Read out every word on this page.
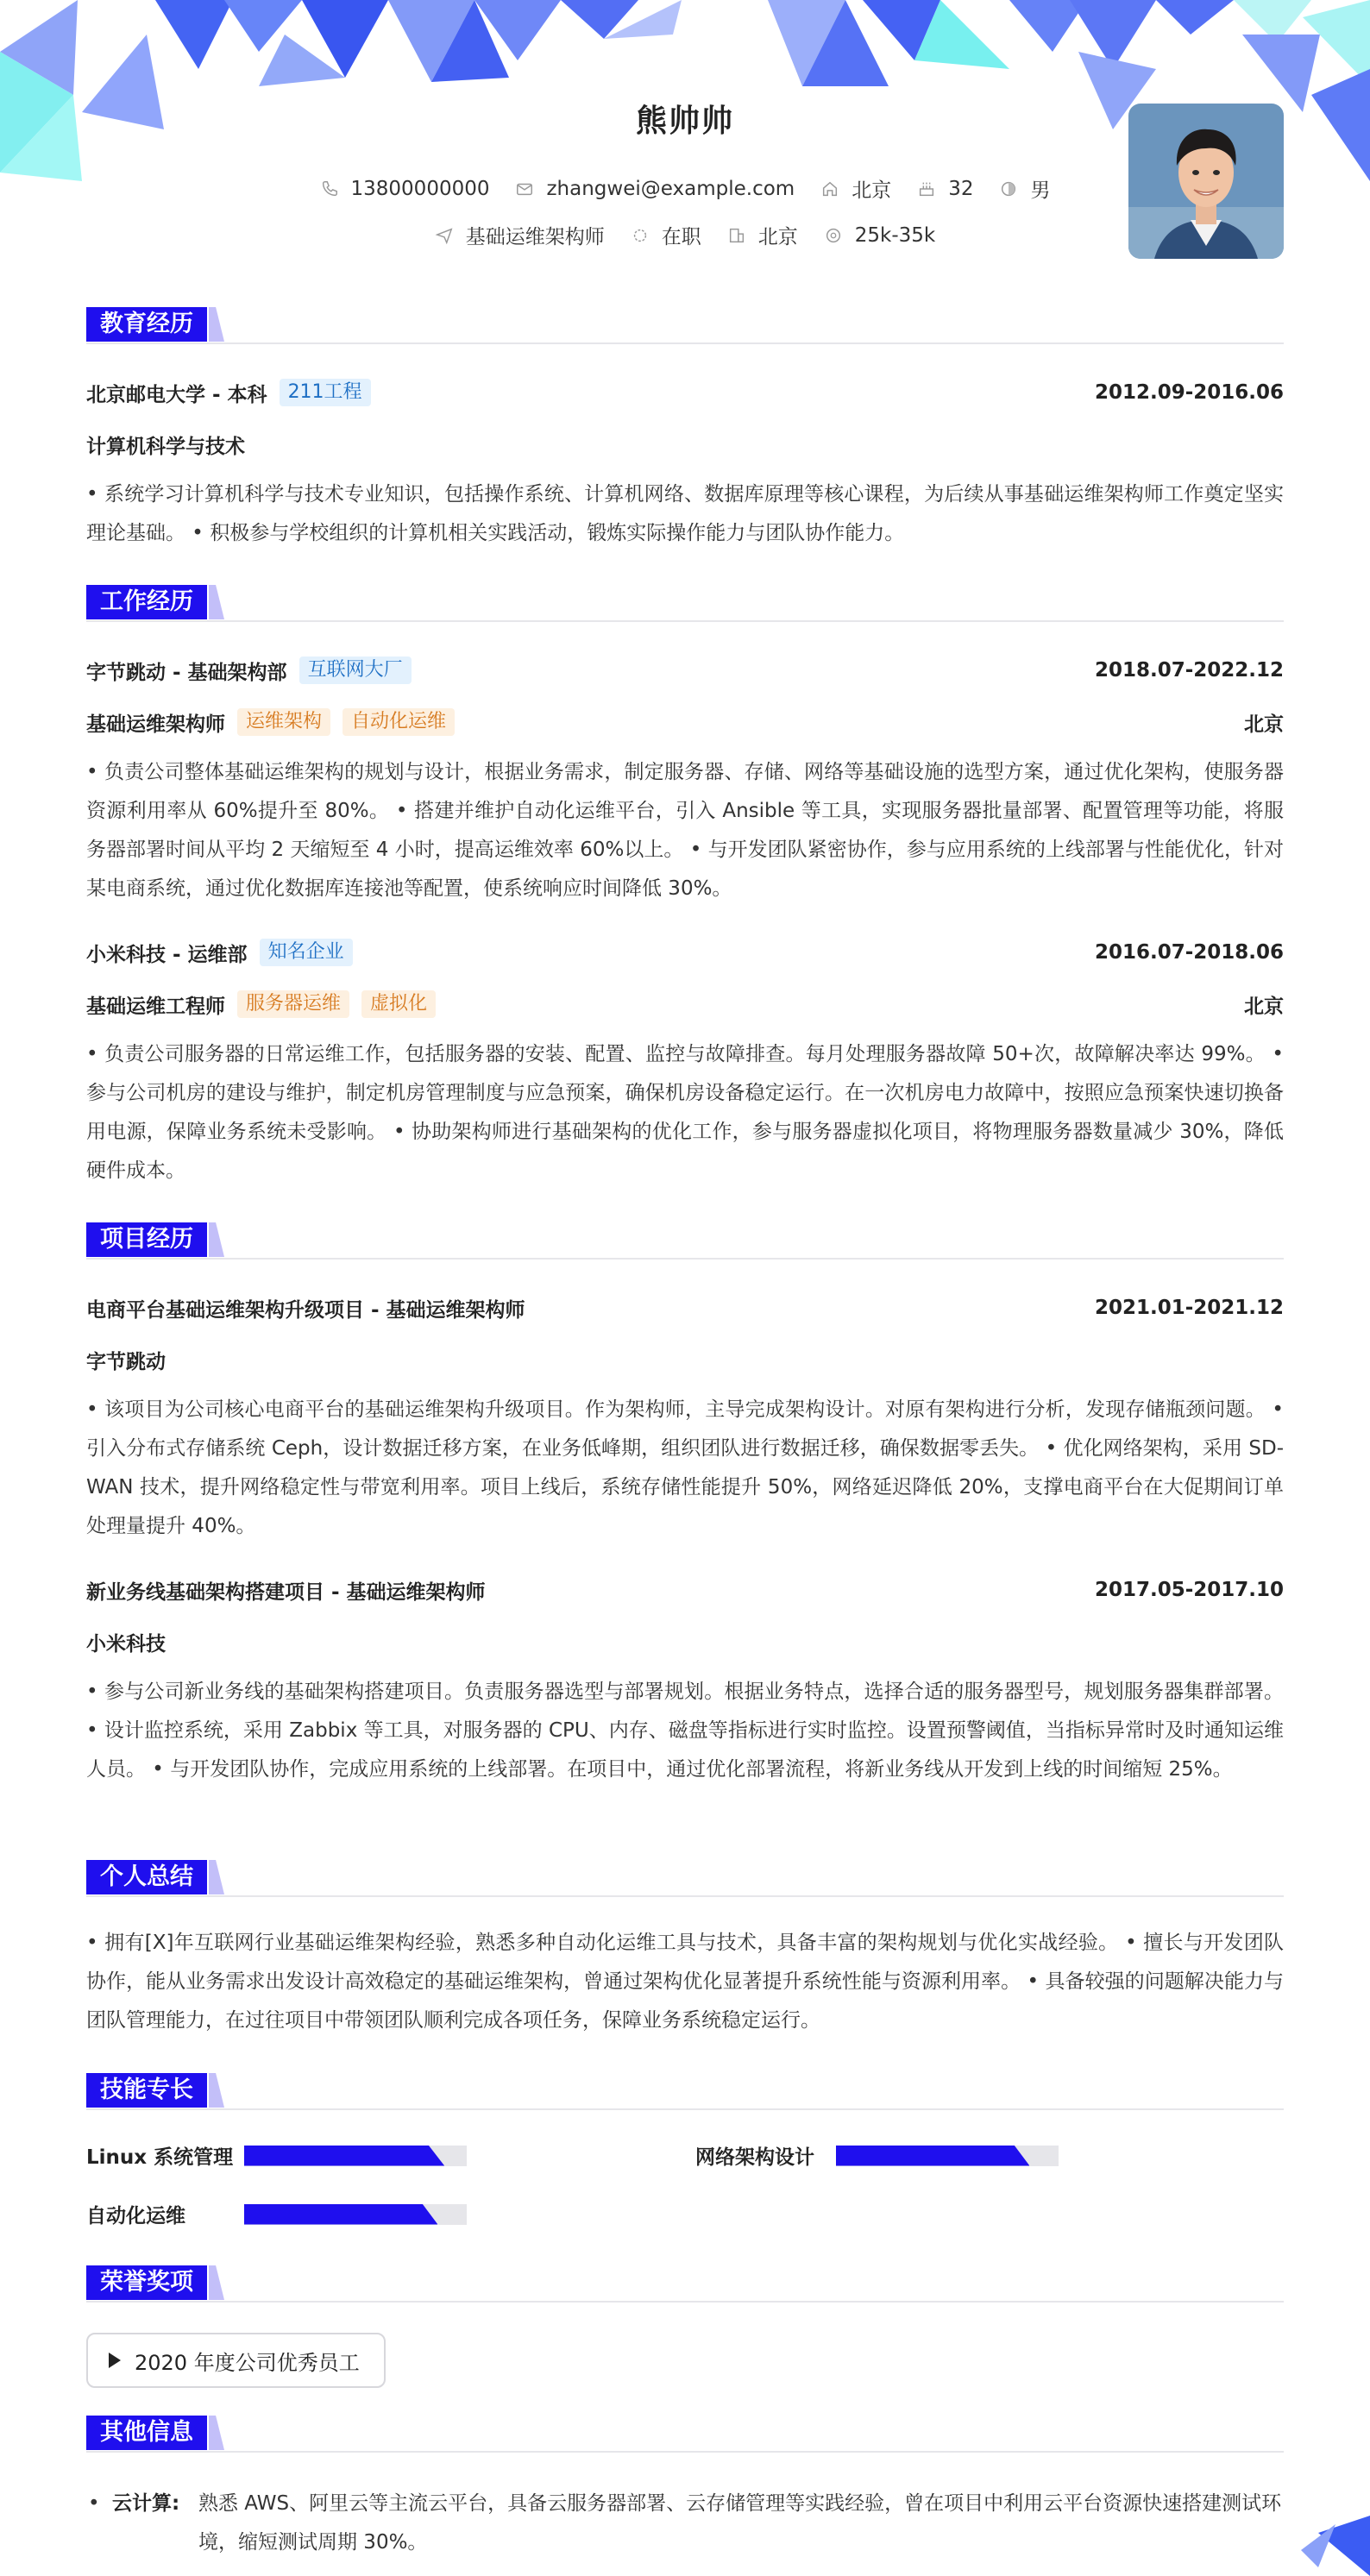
熊帅帅
13800000000	zhangwei@example.com	北京	32	男
基础运维架构师	在职	北京	25k-35k
教育经历
北京邮电大学 - 本科	211工程	2012.09-2016.06
计算机科学与技术
• 系统学习计算机科学与技术专业知识，包括操作系统、计算机网络、数据库原理等核心课程，为后续从事基础运维架构师工作奠定坚实理论基础。 • 积极参与学校组织的计算机相关实践活动，锻炼实际操作能力与团队协作能力。
工作经历
字节跳动 - 基础架构部	互联网大厂	2018.07-2022.12
基础运维架构师	运维架构	自动化运维	北京
• 负责公司整体基础运维架构的规划与设计，根据业务需求，制定服务器、存储、网络等基础设施的选型方案，通过优化架构，使服务器资源利用率从 60%提升至 80%。 • 搭建并维护自动化运维平台，引入 Ansible 等工具，实现服务器批量部署、配置管理等功能，将服务器部署时间从平均 2 天缩短至 4 小时，提高运维效率 60%以上。 • 与开发团队紧密协作，参与应用系统的上线部署与性能优化，针对某电商系统，通过优化数据库连接池等配置，使系统响应时间降低 30%。
小米科技 - 运维部	知名企业	2016.07-2018.06
基础运维工程师	服务器运维	虚拟化	北京
• 负责公司服务器的日常运维工作，包括服务器的安装、配置、监控与故障排查。每月处理服务器故障 50+次，故障解决率达 99%。 • 参与公司机房的建设与维护，制定机房管理制度与应急预案，确保机房设备稳定运行。在一次机房电力故障中，按照应急预案快速切换备用电源，保障业务系统未受影响。 • 协助架构师进行基础架构的优化工作，参与服务器虚拟化项目，将物理服务器数量减少 30%，降低硬件成本。
项目经历
电商平台基础运维架构升级项目 - 基础运维架构师	2021.01-2021.12
字节跳动
• 该项目为公司核心电商平台的基础运维架构升级项目。作为架构师，主导完成架构设计。对原有架构进行分析，发现存储瓶颈问题。 • 引入分布式存储系统 Ceph，设计数据迁移方案，在业务低峰期，组织团队进行数据迁移，确保数据零丢失。 • 优化网络架构，采用 SD-WAN 技术，提升网络稳定性与带宽利用率。项目上线后，系统存储性能提升 50%，网络延迟降低 20%，支撑电商平台在大促期间订单处理量提升 40%。
新业务线基础架构搭建项目 - 基础运维架构师	2017.05-2017.10
小米科技
• 参与公司新业务线的基础架构搭建项目。负责服务器选型与部署规划。根据业务特点，选择合适的服务器型号，规划服务器集群部署。 • 设计监控系统，采用 Zabbix 等工具，对服务器的 CPU、内存、磁盘等指标进行实时监控。设置预警阈值，当指标异常时及时通知运维人员。 • 与开发团队协作，完成应用系统的上线部署。在项目中，通过优化部署流程，将新业务线从开发到上线的时间缩短 25%。
个人总结
• 拥有[X]年互联网行业基础运维架构经验，熟悉多种自动化运维工具与技术，具备丰富的架构规划与优化实战经验。 • 擅长与开发团队协作，能从业务需求出发设计高效稳定的基础运维架构，曾通过架构优化显著提升系统性能与资源利用率。 • 具备较强的问题解决能力与团队管理能力，在过往项目中带领团队顺利完成各项任务，保障业务系统稳定运行。
技能专长
Linux 系统管理	网络架构设计
自动化运维
荣誉奖项
2020 年度公司优秀员工
其他信息
• 云计算: 熟悉 AWS、阿里云等主流云平台，具备云服务器部署、云存储管理等实践经验，曾在项目中利用云平台资源快速搭建测试环境，缩短测试周期 30%。
